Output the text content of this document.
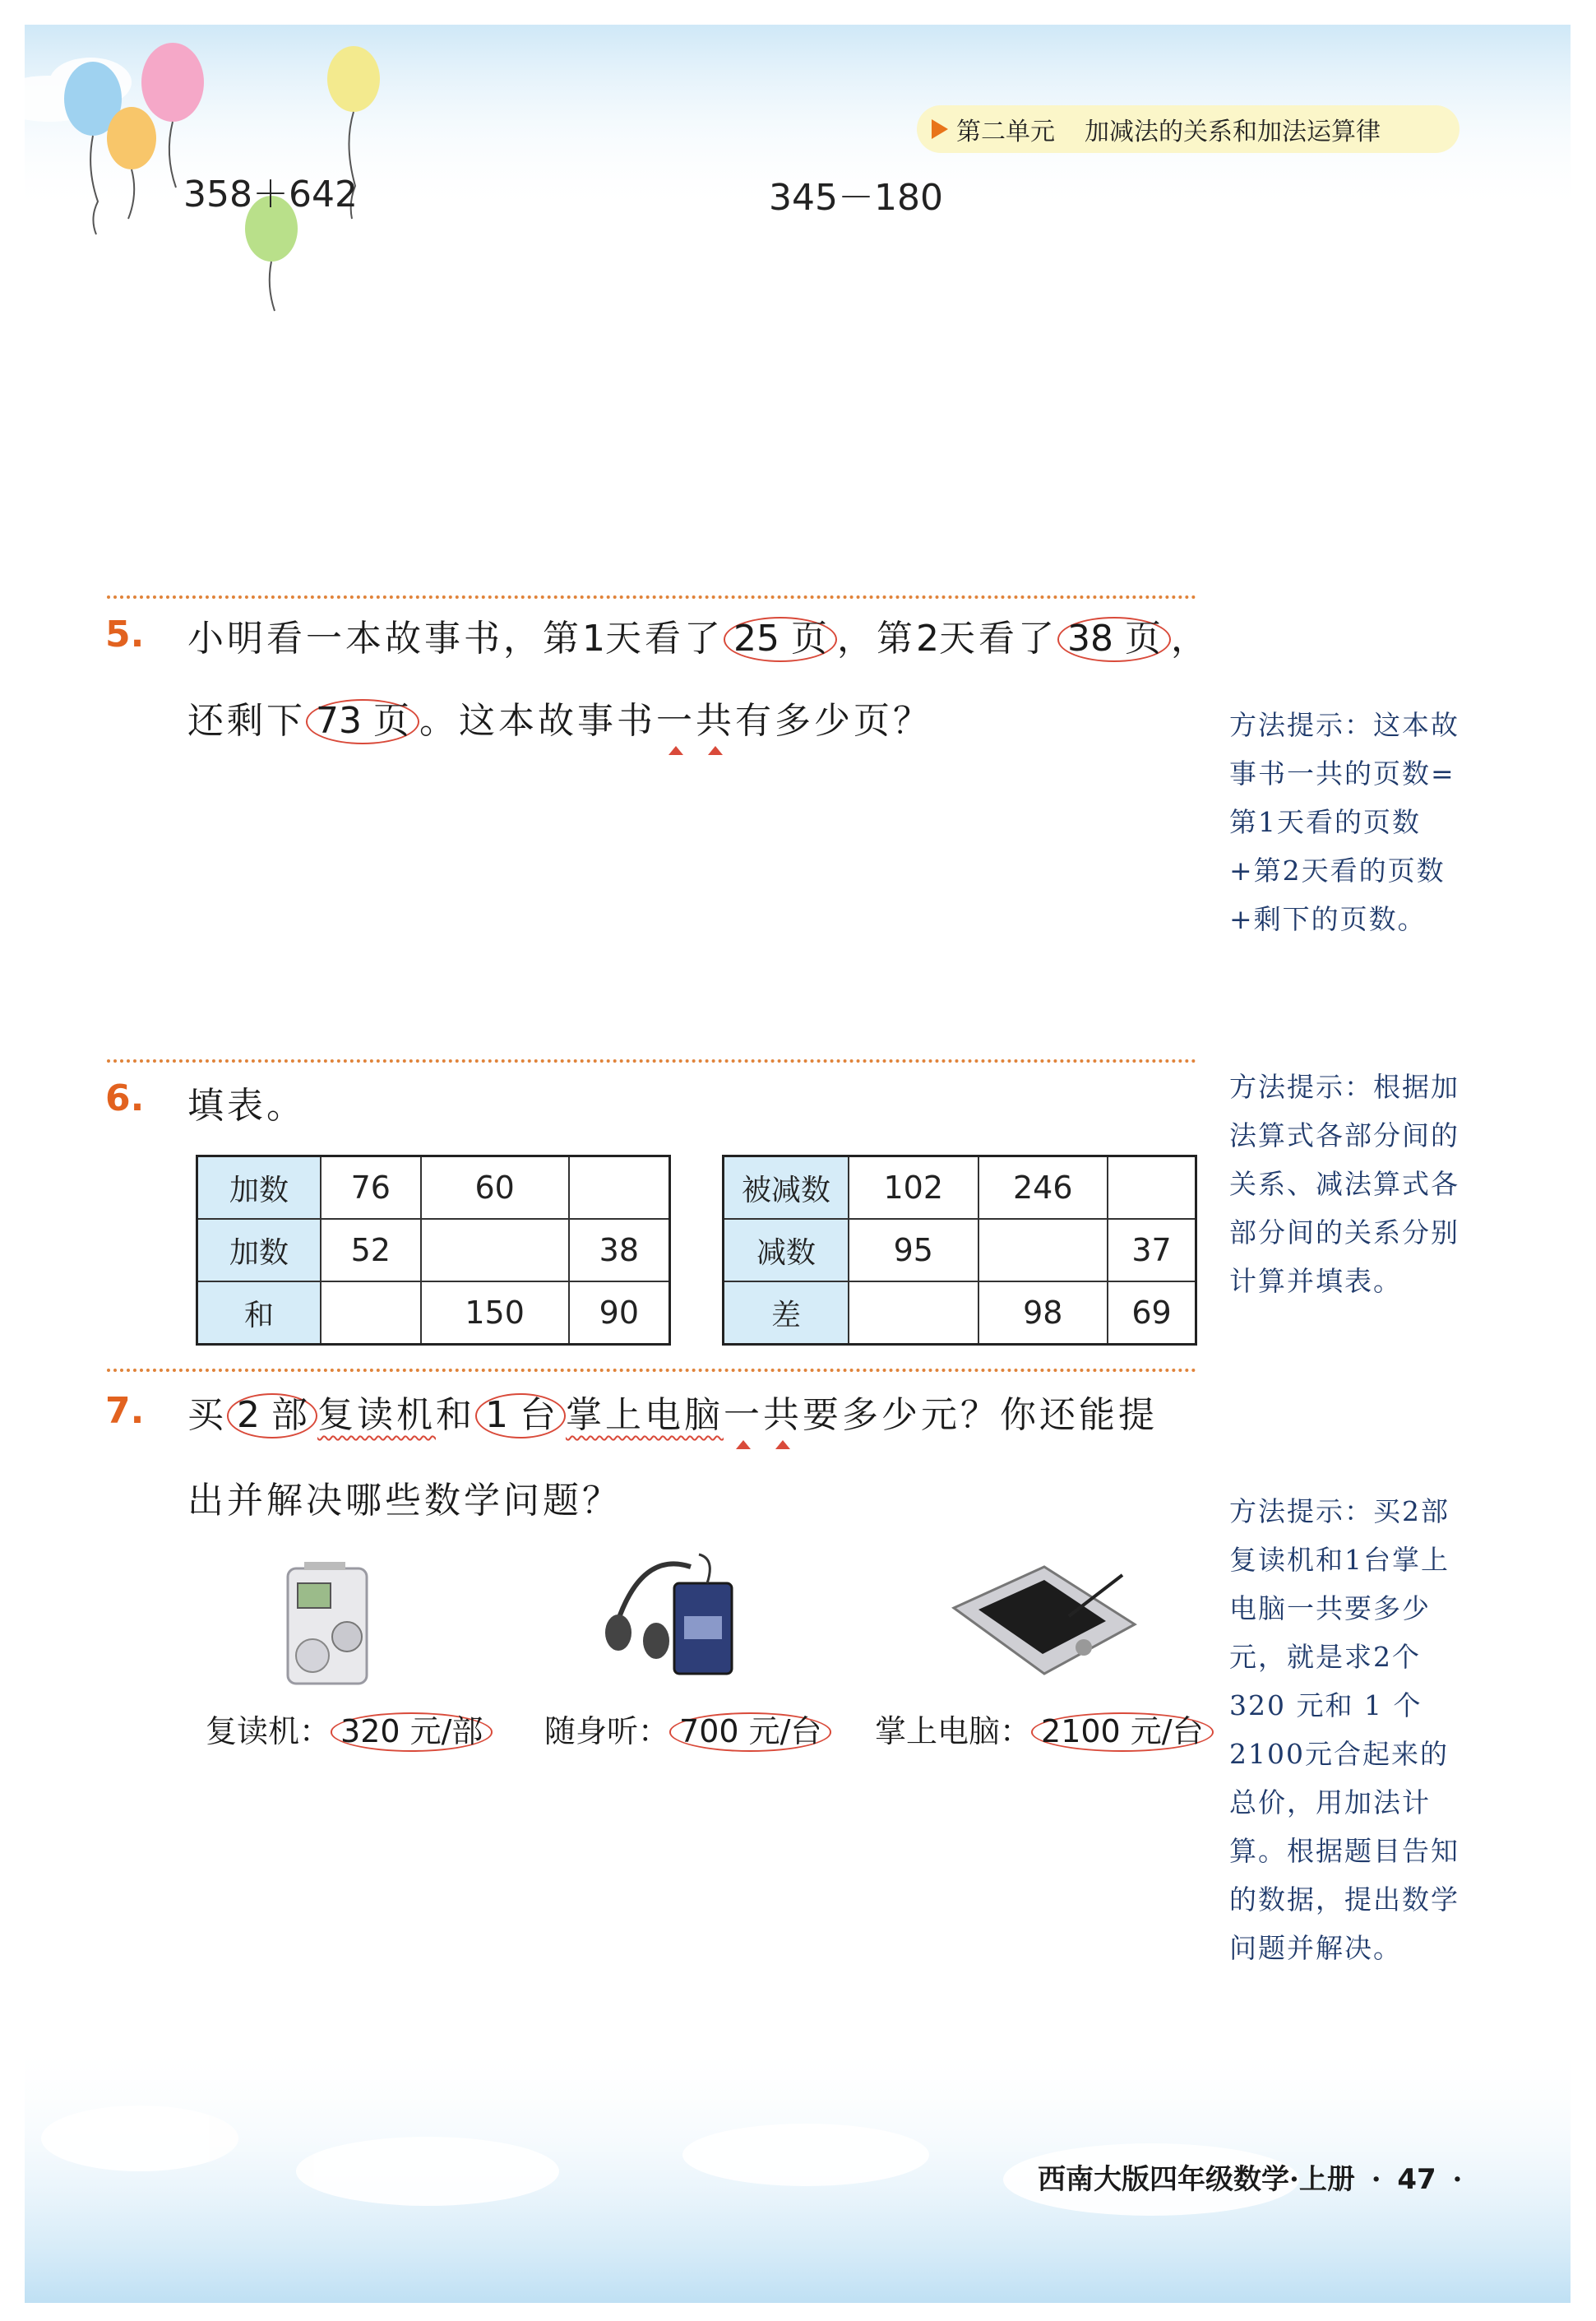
第二单元 加减法的关系和加法运算律
358＋642	345－180
5. 小明看一本故事书，第1天看了 25 页 ，第2天看了 38 页 ，
还剩下 73 页 。这本故事书一共有多少页？	方法提示：这本故事书一共的页数=第1天看的页数+第2天看的页数+剩下的页数。
6. 填表。	方法提示：根据加法算式各部分间的关系、减法算式各部分间的关系分别计算并填表。
加数	76	60	
加数	52		38
和		150	90
被减数	102	246	
减数	95		37
差		98	69
7. 买 2 部 复读机和 1 台 掌上电脑一共要多少元？你还能提
出并解决哪些数学问题？	方法提示：买2部复读机和1台掌上电脑一共要多少元，就是求2个320 元和 1 个2100元合起来的总价，用加法计算。根据题目告知的数据，提出数学问题并解决。
复读机： 320 元/部	随身听： 700 元/台	掌上电脑： 2100 元/台
西南大版四年级数学·上册 · 47 ·
